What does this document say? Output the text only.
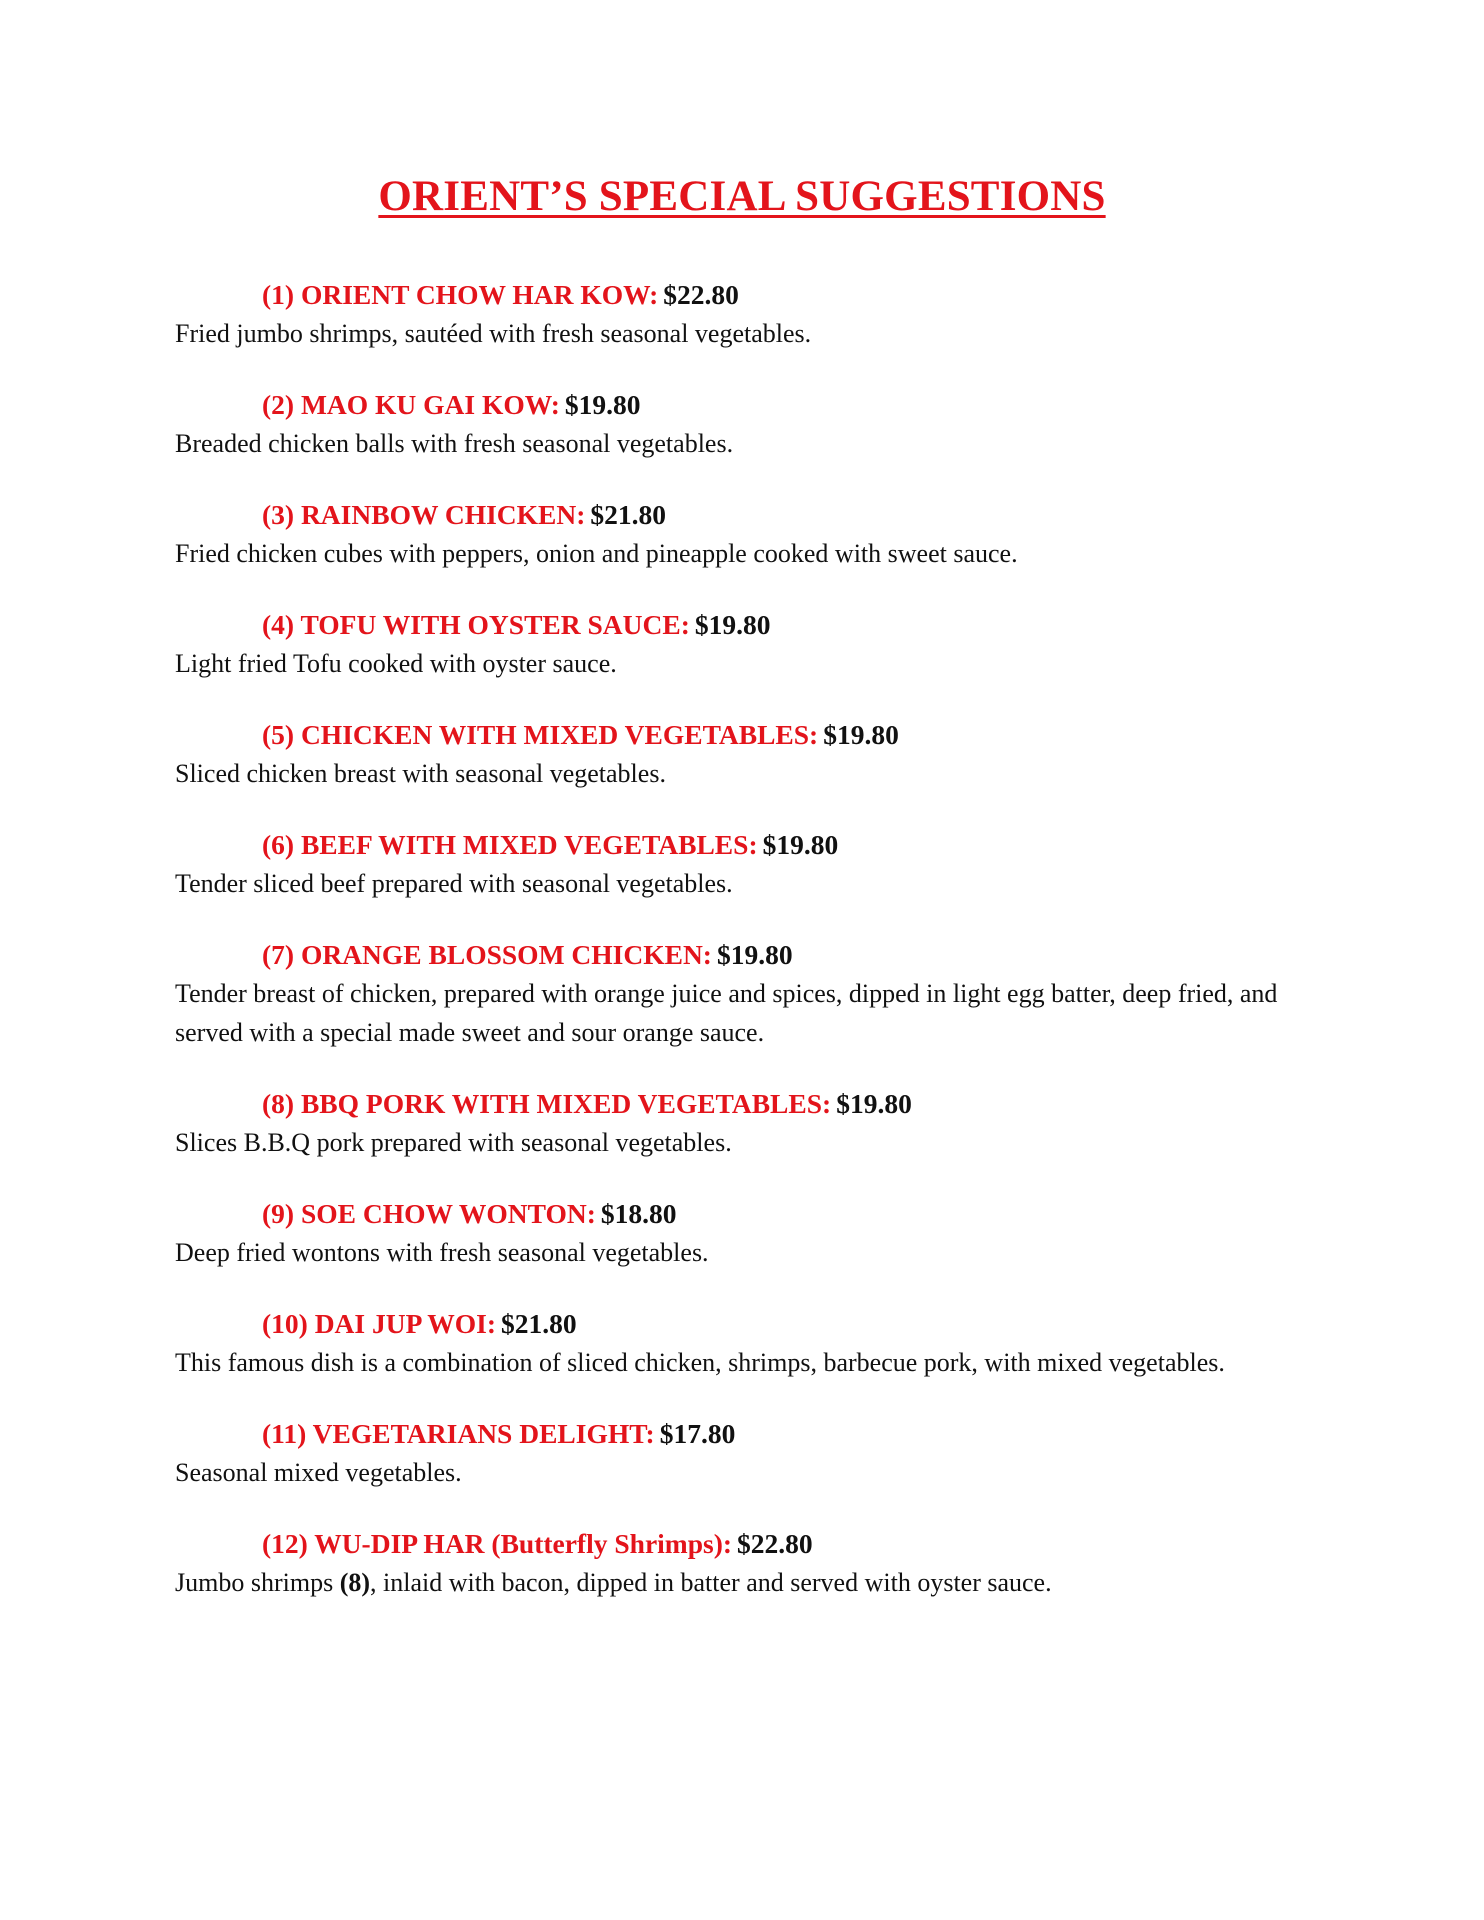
ORIENT’S SPECIAL SUGGESTIONS
(1) ORIENT CHOW HAR KOW: $22.80

Fried jumbo shrimps, sautéed with fresh seasonal vegetables.

(2) MAO KU GAI KOW: $19.80

Breaded chicken balls with fresh seasonal vegetables.

(3) RAINBOW CHICKEN: $21.80

Fried chicken cubes with peppers, onion and pineapple cooked with sweet sauce.

(4) TOFU WITH OYSTER SAUCE: $19.80

Light fried Tofu cooked with oyster sauce.

(5) CHICKEN WITH MIXED VEGETABLES: $19.80

Sliced chicken breast with seasonal vegetables.

(6) BEEF WITH MIXED VEGETABLES: $19.80

Tender sliced beef prepared with seasonal vegetables.

(7) ORANGE BLOSSOM CHICKEN: $19.80

Tender breast of chicken, prepared with orange juice and spices, dipped in light egg batter, deep fried, and served with a special made sweet and sour orange sauce.

(8) BBQ PORK WITH MIXED VEGETABLES: $19.80

Slices B.B.Q pork prepared with seasonal vegetables.

(9) SOE CHOW WONTON: $18.80

Deep fried wontons with fresh seasonal vegetables.

(10) DAI JUP WOI: $21.80

This famous dish is a combination of sliced chicken, shrimps, barbecue pork, with mixed vegetables.

(11) VEGETARIANS DELIGHT: $17.80

Seasonal mixed vegetables.

(12) WU-DIP HAR (Butterfly Shrimps): $22.80

Jumbo shrimps (8), inlaid with bacon, dipped in batter and served with oyster sauce.
